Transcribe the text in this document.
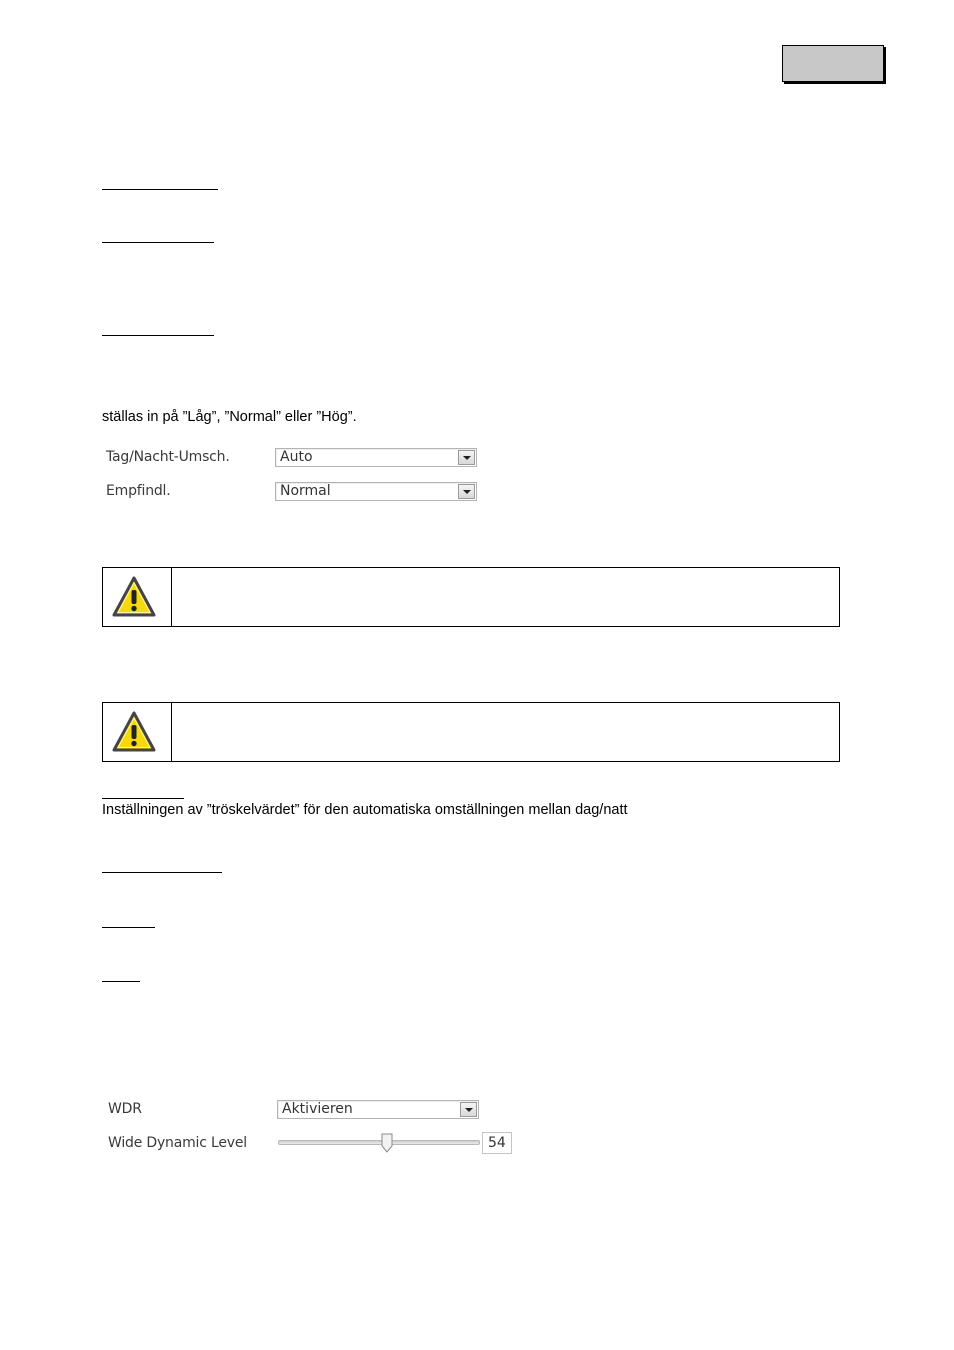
ställas in på ”Låg”, ”Normal” eller ”Hög”.
Tag/Nacht-Umsch.	Auto
Empfindl.	Normal
Inställningen av ”tröskelvärdet” för den automatiska omställningen mellan dag/natt
WDR	Aktivieren
Wide Dynamic Level	54
